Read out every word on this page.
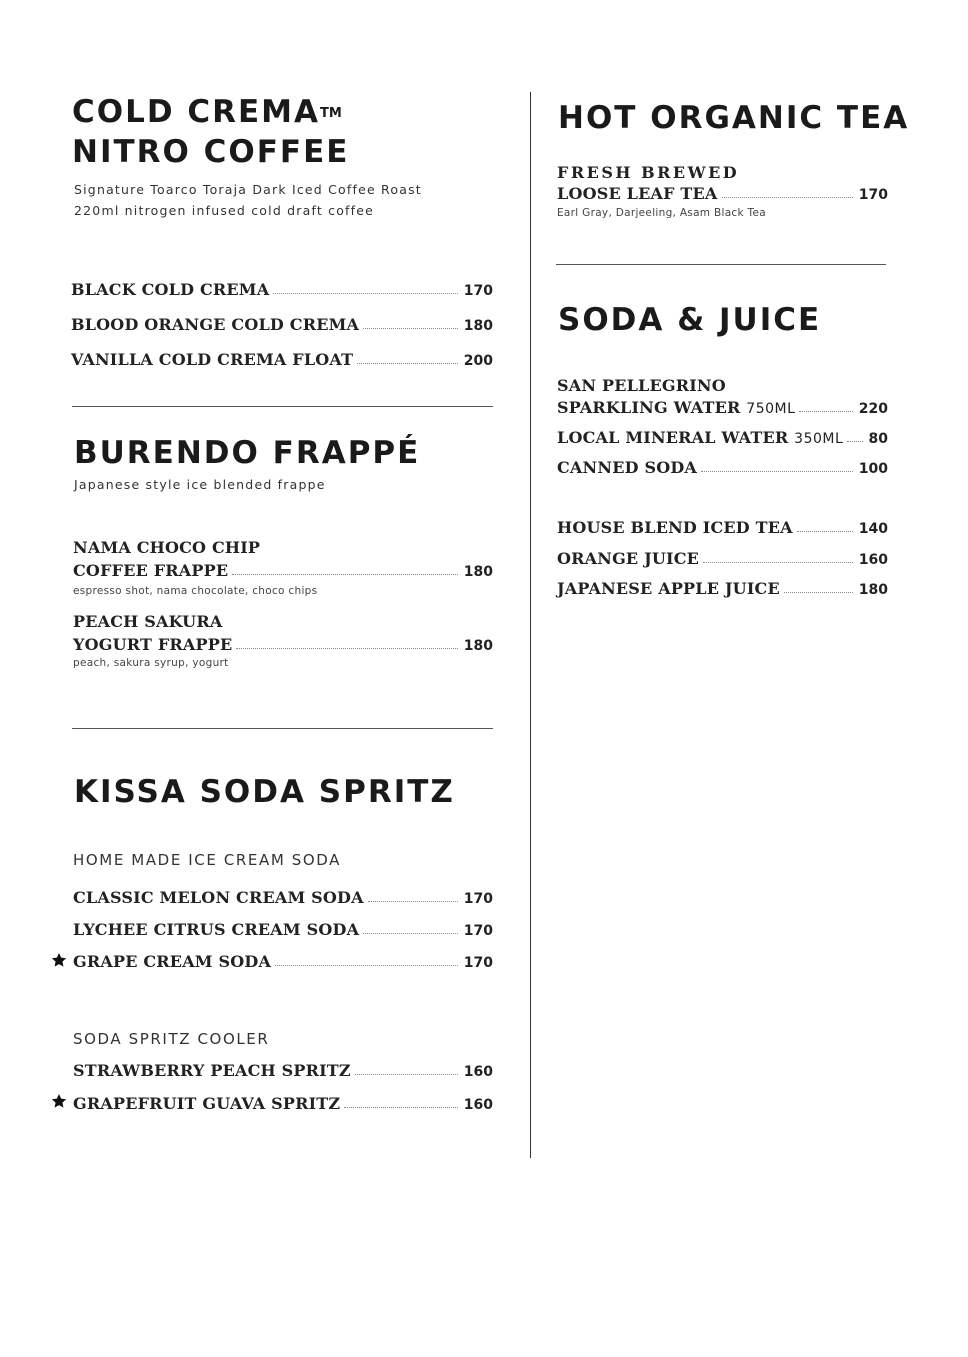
COLD CREMA™
NITRO COFFEE
Signature Toarco Toraja Dark Iced Coffee Roast
220ml nitrogen infused cold draft coffee
BLACK COLD CREMA	170
BLOOD ORANGE COLD CREMA	180
VANILLA COLD CREMA FLOAT	200
BURENDO FRAPPÉ
Japanese style ice blended frappe
NAMA CHOCO CHIP
COFFEE FRAPPE	180
espresso shot, nama chocolate, choco chips
PEACH SAKURA
YOGURT FRAPPE	180
peach, sakura syrup, yogurt
KISSA SODA SPRITZ
HOME MADE ICE CREAM SODA
CLASSIC MELON CREAM SODA	170
LYCHEE CITRUS CREAM SODA	170
GRAPE CREAM SODA	170
SODA SPRITZ COOLER
STRAWBERRY PEACH SPRITZ	160
GRAPEFRUIT GUAVA SPRITZ	160
HOT ORGANIC TEA
FRESH BREWED
LOOSE LEAF TEA	170
Earl Gray, Darjeeling, Asam Black Tea
SODA & JUICE
SAN PELLEGRINO
SPARKLING WATER 750ML	220
LOCAL MINERAL WATER 350ML 80
CANNED SODA	100
HOUSE BLEND ICED TEA	140
ORANGE JUICE	160
JAPANESE APPLE JUICE	180
